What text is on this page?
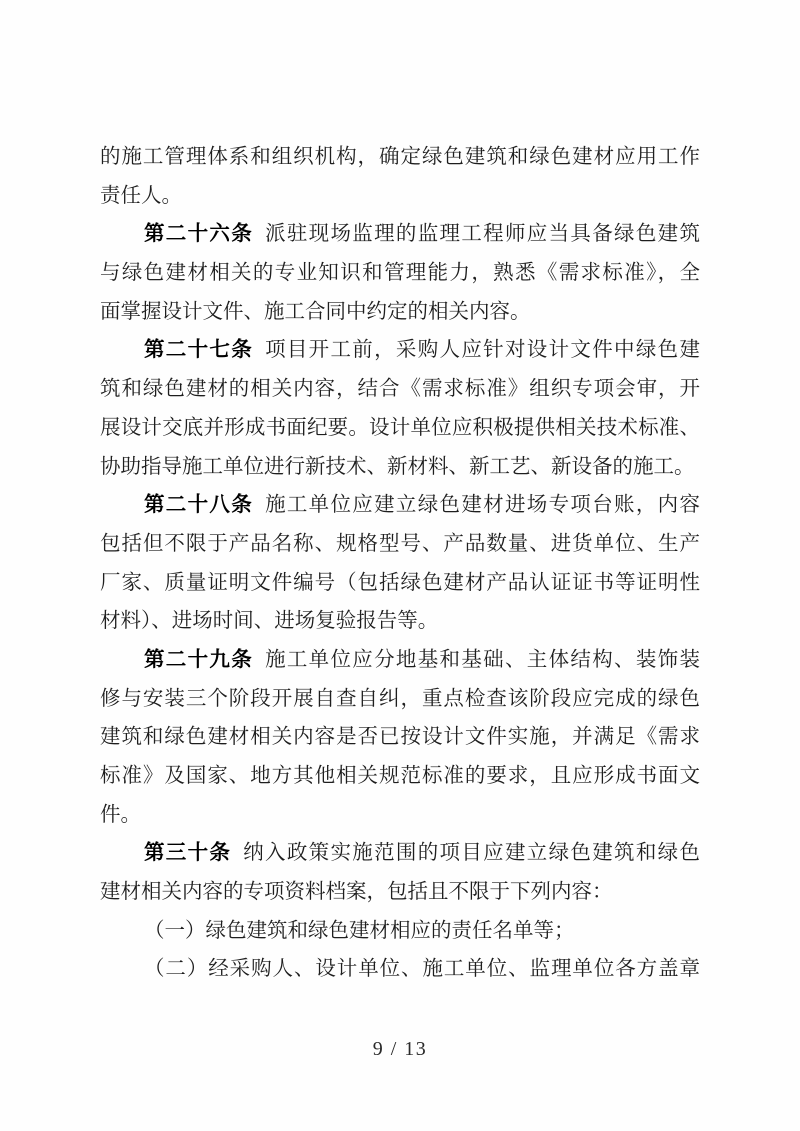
的施工管理体系和组织机构，确定绿色建筑和绿色建材应用工作
责任人。
第二十六条 派驻现场监理的监理工程师应当具备绿色建筑
与绿色建材相关的专业知识和管理能力，熟悉《需求标准》，全
面掌握设计文件、施工合同中约定的相关内容。
第二十七条 项目开工前，采购人应针对设计文件中绿色建
筑和绿色建材的相关内容，结合《需求标准》组织专项会审，开
展设计交底并形成书面纪要。设计单位应积极提供相关技术标准、
协助指导施工单位进行新技术、新材料、新工艺、新设备的施工。
第二十八条 施工单位应建立绿色建材进场专项台账，内容
包括但不限于产品名称、规格型号、产品数量、进货单位、生产
厂家、质量证明文件编号（包括绿色建材产品认证证书等证明性
材料）、进场时间、进场复验报告等。
第二十九条 施工单位应分地基和基础、主体结构、装饰装
修与安装三个阶段开展自查自纠，重点检查该阶段应完成的绿色
建筑和绿色建材相关内容是否已按设计文件实施，并满足《需求
标准》及国家、地方其他相关规范标准的要求，且应形成书面文
件。
第三十条 纳入政策实施范围的项目应建立绿色建筑和绿色
建材相关内容的专项资料档案，包括且不限于下列内容：
（一）绿色建筑和绿色建材相应的责任名单等；
（二）经采购人、设计单位、施工单位、监理单位各方盖章
9 / 13
